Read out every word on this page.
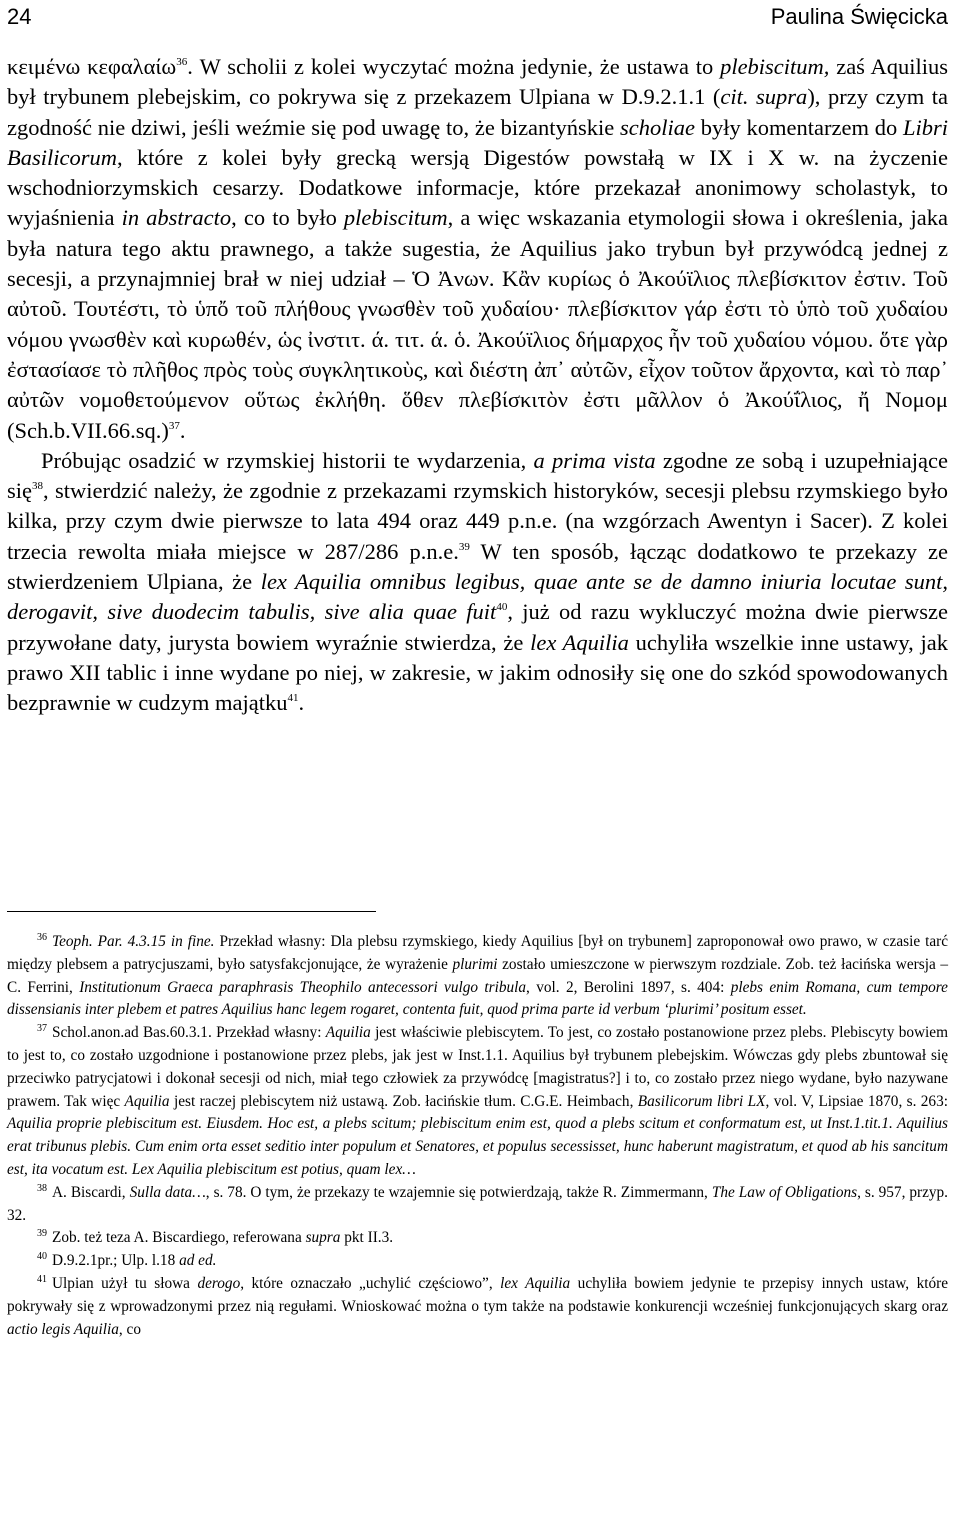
24	Paulina Święcicka

κειμένω κεφαλαίω$^{36}$. W scholii z kolei wyczytać można jedynie, że ustawa to plebiscitum, zaś Aquilius był trybunem plebejskim, co pokrywa się z przekazem Ulpiana w D.9.2.1.1 (cit. supra), przy czym ta zgodność nie dziwi, jeśli weźmie się pod uwagę to, że bizantyńskie scholiae były komentarzem do Libri Basilicorum, które z kolei były grecką wersją Digestów powstałą w IX i X w. na życzenie wschodniorzymskich cesarzy. Dodatkowe informacje, które przekazał anonimowy scholastyk, to wyjaśnienia in abstracto, co to było plebiscitum, a więc wskazania etymologii słowa i określenia, jaka była natura tego aktu prawnego, a także sugestia, że Aquilius jako trybun był przywódcą jednej z secesji, a przynajmniej brał w niej udział – Ὁ Ἀνων. Κἂν κυρίως ὁ Ἀκούϊλιος πλεβίσκιτον ἐστιν. Τοῦ αὐτοῦ. Τουτέστι, τὸ ὑπὄ τοῦ πλήθους γνωσθὲν τοῦ χυδαίου· πλεβίσκιτον γάρ ἐστι τὸ ὑπὸ τοῦ χυδαίου νόμου γνωσθὲν καὶ κυρωθέν, ὡς ἰνστιτ. ά. τιτ. ά. ὁ. Ἀκούϊλιος δήμαρχος ἦν τοῦ χυδαίου νόμου. ὅτε γὰρ ἐστασίασε τὸ πλῆθος πρὸς τοὺς συγκλητικοὺς, καὶ διέστη ἀπ᾽ αὐτῶν, εἶχον τοῦτον ἄρχοντα, καὶ τὸ παρ᾽ αὐτῶν νομοθετούμενον οὕτως ἐκλήθη. ὅθεν πλεβίσκιτὸν ἐστι μᾶλλον ὁ Ἀκούΐλιος, ἤ Νομομ $(Sch.b.VII.66.sq.)^{37}$.

Próbując osadzić w rzymskiej historii te wydarzenia, a prima vista zgodne ze sobą i uzupełniające się$^{38}$, stwierdzić należy, że zgodnie z przekazami rzymskich historyków, secesji plebsu rzymskiego było kilka, przy czym dwie pierwsze to lata 494 oraz 449 p.n.e. (na wzgórzach Awentyn i Sacer). Z kolei trzecia rewolta miała miejsce w 287/286 p.n.e.$^{39}$ W ten sposób, łącząc dodatkowo te przekazy ze stwierdzeniem Ulpiana, że lex Aquilia omnibus legibus, quae ante se de damno iniuria locutae sunt, derogavit, sive duodecim tabulis, sive alia quae fuit$^{40}$, już od razu wykluczyć można dwie pierwsze przywołane daty, jurysta bowiem wyraźnie stwierdza, że lex Aquilia uchyliła wszelkie inne ustawy, jak prawo XII tablic i inne wydane po niej, w zakresie, w jakim odnosiły się one do szkód spowodowanych bezprawnie w cudzym majątku$^{41}$.

$^{36}$ Teoph. Par. 4.3.15 in fine. Przekład własny: Dla plebsu rzymskiego, kiedy Aquilius [był on trybunem] zaproponował owo prawo, w czasie tarć między plebsem a patrycjuszami, było satysfakcjonujące, że wyrażenie plurimi zostało umieszczone w pierwszym rozdziale. Zob. też łacińska wersja – C. Ferrini, Institutionum Graeca paraphrasis Theophilo antecessori vulgo tribula, vol. 2, Berolini 1897, s. 404: plebs enim Romana, cum tempore dissensianis inter plebem et patres Aquilius hanc legem rogaret, contenta fuit, quod prima parte id verbum ‘plurimi’ positum esset.

$^{37}$ Schol.anon.ad Bas.60.3.1. Przekład własny: Aquilia jest właściwie plebiscytem. To jest, co zostało postanowione przez plebs. Plebiscyty bowiem to jest to, co zostało uzgodnione i postanowione przez plebs, jak jest w Inst.1.1. Aquilius był trybunem plebejskim. Wówczas gdy plebs zbuntował się przeciwko patrycjatowi i dokonał secesji od nich, miał tego człowiek za przywódcę [magistratus?] i to, co zostało przez niego wydane, było nazywane prawem. Tak więc Aquilia jest raczej plebiscytem niż ustawą. Zob. łacińskie tłum. C.G.E. Heimbach, Basilicorum libri LX, vol. V, Lipsiae 1870, s. 263: Aquilia proprie plebiscitum est. Eiusdem. Hoc est, a plebs scitum; plebiscitum enim est, quod a plebs scitum et conformatum est, ut Inst.1.tit.1. Aquilius erat tribunus plebis. Cum enim orta esset seditio inter populum et Senatores, et populus secessisset, hunc haberunt magistratum, et quod ab his sancitum est, ita vocatum est. Lex Aquilia plebiscitum est potius, quam lex…

$^{38}$ A. Biscardi, Sulla data…, s. 78. O tym, że przekazy te wzajemnie się potwierdzają, także R. Zimmermann, The Law of Obligations, s. 957, przyp. 32.

$^{39}$ Zob. też teza A. Biscardiego, referowana supra pkt II.3.

$^{40}$ D.9.2.1pr.; Ulp. l.18 ad ed.

$^{41}$ Ulpian użył tu słowa derogo, które oznaczało „uchylić częściowo”, lex Aquilia uchyliła bowiem jedynie te przepisy innych ustaw, które pokrywały się z wprowadzonymi przez nią regułami. Wnioskować można o tym także na podstawie konkurencji wcześniej funkcjonujących skarg oraz actio legis Aquilia, co
